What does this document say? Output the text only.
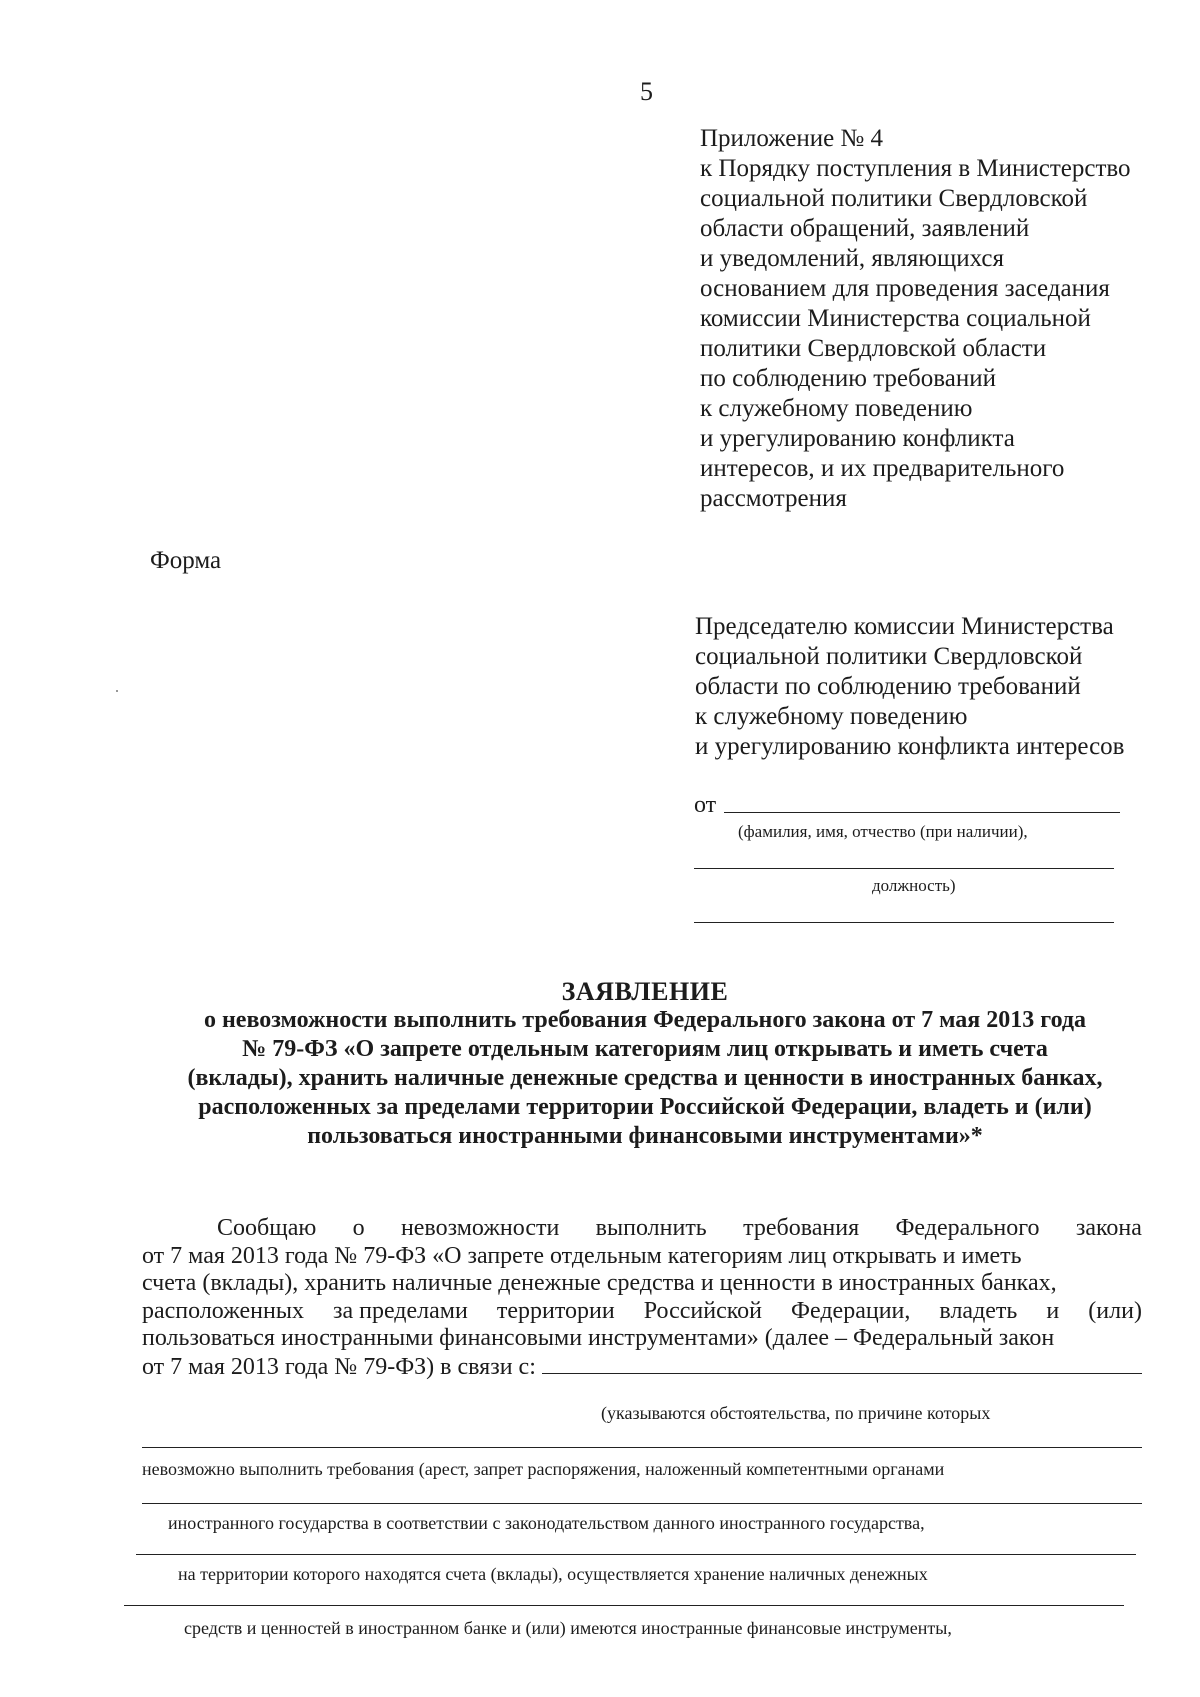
5
Приложение № 4
к Порядку поступления в Министерство
социальной политики Свердловской
области обращений, заявлений
и уведомлений, являющихся
основанием для проведения заседания
комиссии Министерства социальной
политики Свердловской области
по соблюдению требований
к служебному поведению
и урегулированию конфликта
интересов, и их предварительного
рассмотрения
Форма
Председателю комиссии Министерства
социальной политики Свердловской
области по соблюдению требований
к служебному поведению
и урегулированию конфликта интересов
от
(фамилия, имя, отчество (при наличии),
должность)
ЗАЯВЛЕНИЕ
о невозможности выполнить требования Федерального закона от 7 мая 2013 года
№ 79-ФЗ «О запрете отдельным категориям лиц открывать и иметь счета
(вклады), хранить наличные денежные средства и ценности в иностранных банках,
расположенных за пределами территории Российской Федерации, владеть и (или)
пользоваться иностранными финансовыми инструментами»*
Сообщаю о невозможности выполнить требования Федерального закона
от 7 мая 2013 года № 79-ФЗ «О запрете отдельным категориям лиц открывать и иметь
счета (вклады), хранить наличные денежные средства и ценности в иностранных банках,
расположенных за пределами территории Российской Федерации, владеть и (или)
пользоваться иностранными финансовыми инструментами» (далее – Федеральный закон
от 7 мая 2013 года № 79-ФЗ) в связи с:
(указываются обстоятельства, по причине которых
невозможно выполнить требования (арест, запрет распоряжения, наложенный компетентными органами
иностранного государства в соответствии с законодательством данного иностранного государства,
на территории которого находятся счета (вклады), осуществляется хранение наличных денежных
средств и ценностей в иностранном банке и (или) имеются иностранные финансовые инструменты,
